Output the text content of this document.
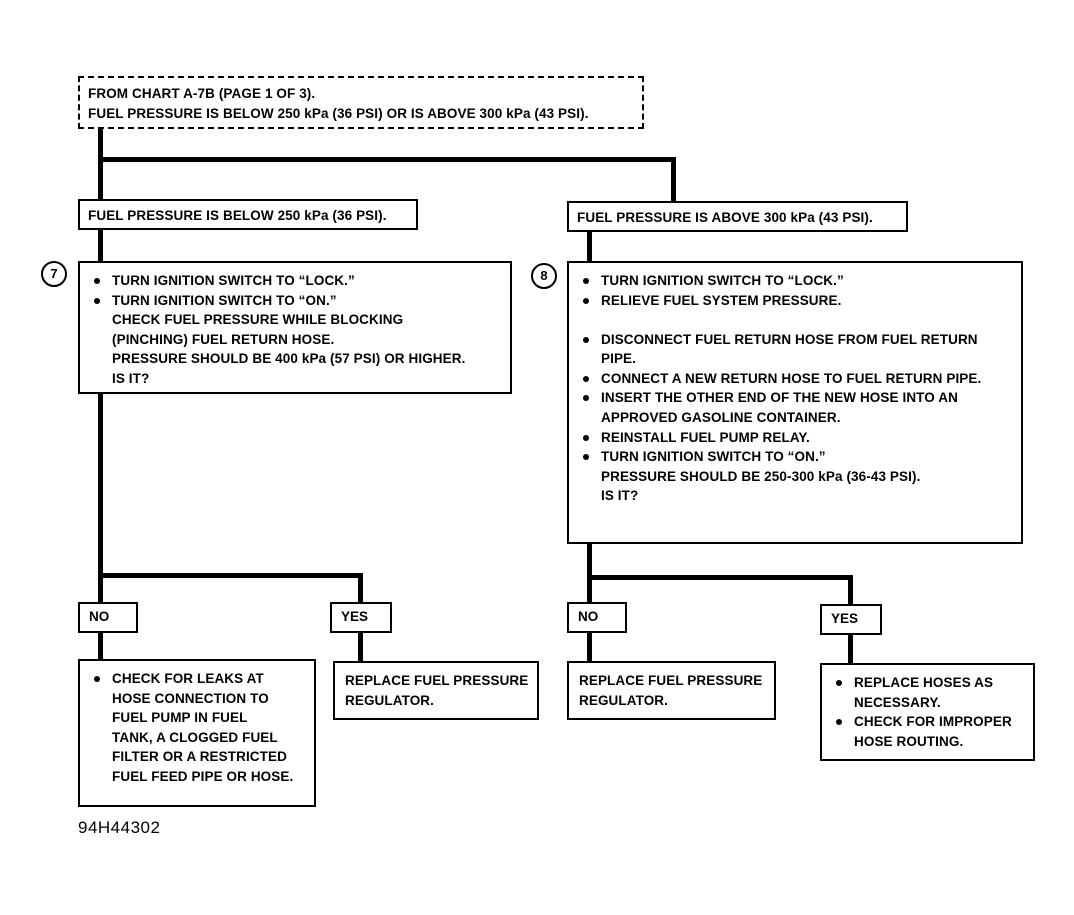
FROM CHART A-7B (PAGE 1 OF 3).
FUEL PRESSURE IS BELOW 250 kPa (36 PSI) OR IS ABOVE 300 kPa (43 PSI).
FUEL PRESSURE IS BELOW 250 kPa (36 PSI).	FUEL PRESSURE IS ABOVE 300 kPa (43 PSI).
7	TURN IGNITION SWITCH TO “LOCK.”
TURN IGNITION SWITCH TO “ON.”
CHECK FUEL PRESSURE WHILE BLOCKING
(PINCHING) FUEL RETURN HOSE.
PRESSURE SHOULD BE 400 kPa (57 PSI) OR HIGHER.
IS IT?
8	TURN IGNITION SWITCH TO “LOCK.”
RELIEVE FUEL SYSTEM PRESSURE.

DISCONNECT FUEL RETURN HOSE FROM FUEL RETURN
PIPE.
CONNECT A NEW RETURN HOSE TO FUEL RETURN PIPE.
INSERT THE OTHER END OF THE NEW HOSE INTO AN
APPROVED GASOLINE CONTAINER.
REINSTALL FUEL PUMP RELAY.
TURN IGNITION SWITCH TO “ON.”
PRESSURE SHOULD BE 250-300 kPa (36-43 PSI).
IS IT?
NO	YES	NO	YES
CHECK FOR LEAKS AT
HOSE CONNECTION TO
FUEL PUMP IN FUEL
TANK, A CLOGGED FUEL
FILTER OR A RESTRICTED
FUEL FEED PIPE OR HOSE.
REPLACE FUEL PRESSURE
REGULATOR.
REPLACE FUEL PRESSURE
REGULATOR.
REPLACE HOSES AS
NECESSARY.
CHECK FOR IMPROPER
HOSE ROUTING.
94H44302
